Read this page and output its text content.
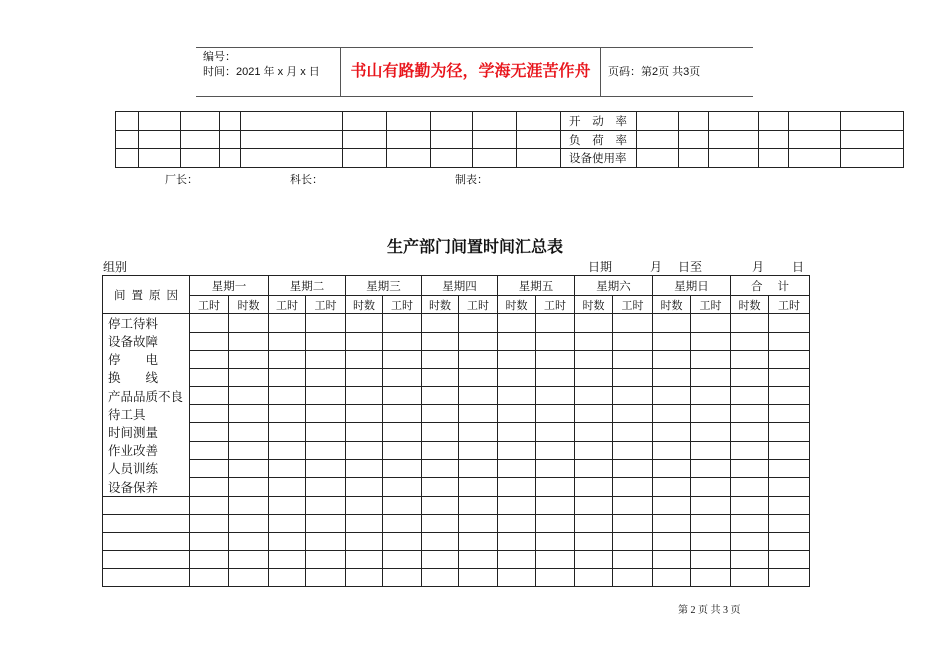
编号：
时间：2021 年 x 月 x 日	书山有路勤为径，学海无涯苦作舟	页码：第2页 共3页
										开 动 率						
										负 荷 率						
										设备使用率						
厂长：	科长：	制表：
生产部门间置时间汇总表
组别	日期	月 日至	月 日
间 置 原 因	星期一		星期二		星期三		星期四		星期五		星期六		星期日		合 计	
	工时	时数	工时	工时	时数	工时	时数	工时	时数	工时	时数	工时	时数	工时	时数	工时
停工待料																
设备故障																
停 电																
换 线																
产品品质不良																
待工具																
时间测量																
作业改善																
人员训练																
设备保养																

第 2 页 共 3 页
